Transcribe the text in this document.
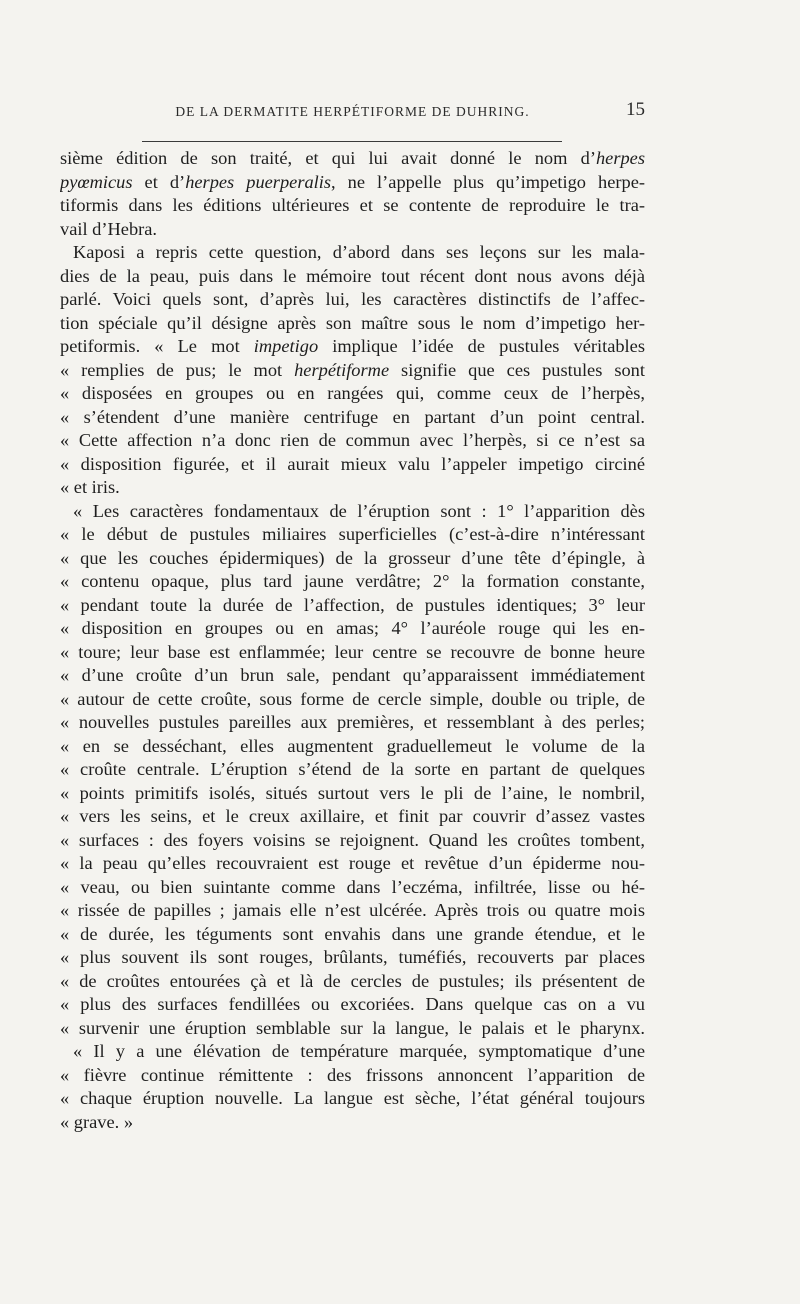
DE LA DERMATITE HERPÉTIFORME DE DUHRING.	15
sième édition de son traité, et qui lui avait donné le nom d’herpes
pyœmicus et d’herpes puerperalis, ne l’appelle plus qu’impetigo herpe-
tiformis dans les éditions ultérieures et se contente de reproduire le tra-
vail d’Hebra.
Kaposi a repris cette question, d’abord dans ses leçons sur les mala-
dies de la peau, puis dans le mémoire tout récent dont nous avons déjà
parlé. Voici quels sont, d’après lui, les caractères distinctifs de l’affec-
tion spéciale qu’il désigne après son maître sous le nom d’impetigo her-
petiformis. « Le mot impetigo implique l’idée de pustules véritables
« remplies de pus; le mot herpétiforme signifie que ces pustules sont
« disposées en groupes ou en rangées qui, comme ceux de l’herpès,
« s’étendent d’une manière centrifuge en partant d’un point central.
« Cette affection n’a donc rien de commun avec l’herpès, si ce n’est sa
« disposition figurée, et il aurait mieux valu l’appeler impetigo circiné
« et iris.
« Les caractères fondamentaux de l’éruption sont : 1° l’apparition dès
« le début de pustules miliaires superficielles (c’est-à-dire n’intéressant
« que les couches épidermiques) de la grosseur d’une tête d’épingle, à
« contenu opaque, plus tard jaune verdâtre; 2° la formation constante,
« pendant toute la durée de l’affection, de pustules identiques; 3° leur
« disposition en groupes ou en amas; 4° l’auréole rouge qui les en-
« toure; leur base est enflammée; leur centre se recouvre de bonne heure
« d’une croûte d’un brun sale, pendant qu’apparaissent immédiatement
« autour de cette croûte, sous forme de cercle simple, double ou triple, de
« nouvelles pustules pareilles aux premières, et ressemblant à des perles;
« en se desséchant, elles augmentent graduellemeut le volume de la
« croûte centrale. L’éruption s’étend de la sorte en partant de quelques
« points primitifs isolés, situés surtout vers le pli de l’aine, le nombril,
« vers les seins, et le creux axillaire, et finit par couvrir d’assez vastes
« surfaces : des foyers voisins se rejoignent. Quand les croûtes tombent,
« la peau qu’elles recouvraient est rouge et revêtue d’un épiderme nou-
« veau, ou bien suintante comme dans l’eczéma, infiltrée, lisse ou hé-
« rissée de papilles ; jamais elle n’est ulcérée. Après trois ou quatre mois
« de durée, les téguments sont envahis dans une grande étendue, et le
« plus souvent ils sont rouges, brûlants, tuméfiés, recouverts par places
« de croûtes entourées çà et là de cercles de pustules; ils présentent de
« plus des surfaces fendillées ou excoriées. Dans quelque cas on a vu
« survenir une éruption semblable sur la langue, le palais et le pharynx.
« Il y a une élévation de température marquée, symptomatique d’une
« fièvre continue rémittente : des frissons annoncent l’apparition de
« chaque éruption nouvelle. La langue est sèche, l’état général toujours
« grave. »
